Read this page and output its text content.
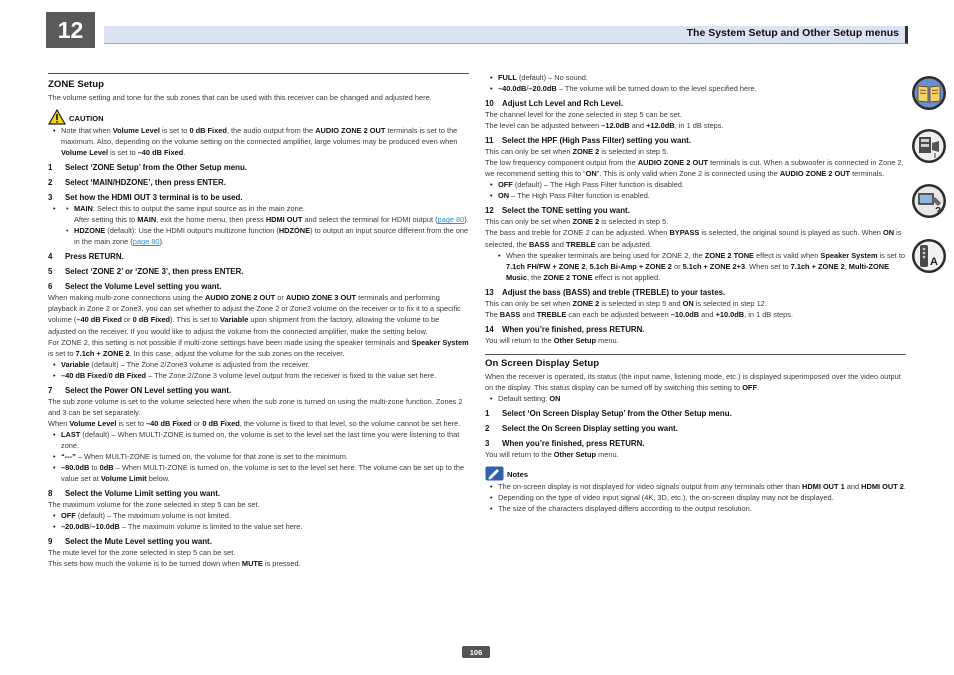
12	The System Setup and Other Setup menus
ZONE Setup

The volume setting and tone for the sub zones that can be used with this receiver can be changed and adjusted here.

CAUTION
• Note that when Volume Level is set to 0 dB Fixed, the audio output from the AUDIO ZONE 2 OUT terminals is set to the maximum. Also, depending on the volume setting on the connected amplifier, large volumes may be produced even when Volume Level is set to –40 dB Fixed.
1 Select ‘ZONE Setup’ from the Other Setup menu.
2 Select ‘MAIN/HDZONE’, then press ENTER.
3 Set how the HDMI OUT 3 terminal is to be used.
• • MAIN: Select this to output the same input source as in the main zone.
After setting this to MAIN, exit the home menu, then press HDMI OUT and select the terminal for HDMI output (page 80).
• HDZONE (default): Use the HDMI output’s multizone function (HDZONE) to output an input source different from the one in the main zone (page 80).
4 Press RETURN.
5 Select ‘ZONE 2’ or ‘ZONE 3’, then press ENTER.
6 Select the Volume Level setting you want.

When making multi-zone connections using the AUDIO ZONE 2 OUT or AUDIO ZONE 3 OUT terminals and performing playback in Zone 2 or Zone3, you can set whether to adjust the Zone 2 or Zone3 volume on the receiver or to fix it to a specific volume (–40 dB Fixed or 0 dB Fixed). This is set to Variable upon shipment from the factory, allowing the volume to be adjusted on the receiver. If you would like to adjust the volume from the connected amplifier, make the setting below.
For ZONE 2, this setting is not possible if multi-zone settings have been made using the speaker terminals and Speaker System is set to 7.1ch + ZONE 2. In this case, adjust the volume for the sub zones on the receiver.

• Variable (default) – The Zone 2/Zone3 volume is adjusted from the receiver.
• –40 dB Fixed/0 dB Fixed – The Zone 2/Zone 3 volume level output from the receiver is fixed to the value set here.
7 Select the Power ON Level setting you want.

The sub zone volume is set to the volume selected here when the sub zone is turned on using the multi-zone function. Zones 2 and 3 can be set separately.
When Volume Level is set to –40 dB Fixed or 0 dB Fixed, the volume is fixed to that level, so the volume cannot be set here.

• LAST (default) – When MULTI-ZONE is turned on, the volume is set to the level set the last time you were listening to that zone.
• “---” – When MULTI-ZONE is turned on, the volume for that zone is set to the minimum.
• –80.0dB to 0dB – When MULTI-ZONE is turned on, the volume is set to the level set here. The volume can be set up to the value set at Volume Limit below.
8 Select the Volume Limit setting you want.

The maximum volume for the zone selected in step 5 can be set.

• OFF (default) – The maximum volume is not limited.
• –20.0dB/–10.0dB – The maximum volume is limited to the value set here.
9 Select the Mute Level setting you want.

The mute level for the zone selected in step 5 can be set.
This sets how much the volume is to be turned down when MUTE is pressed.

• FULL (default) – No sound.
• –40.0dB/–20.0dB – The volume will be turned down to the level specified here.
10 Adjust Lch Level and Rch Level.

The channel level for the zone selected in step 5 can be set.
The level can be adjusted between –12.0dB and +12.0dB, in 1 dB steps.

11 Select the HPF (High Pass Filter) setting you want.

This can only be set when ZONE 2 is selected in step 5.
The low frequency component output from the AUDIO ZONE 2 OUT terminals is cut. When a subwoofer is connected in Zone 2, we recommend setting this to “ON”. This is only valid when Zone 2 is connected using the AUDIO ZONE 2 OUT terminals.

• OFF (default) – The High Pass Filter function is disabled.
• ON – The High Pass Filter function is enabled.
12 Select the TONE setting you want.

This can only be set when ZONE 2 is selected in step 5.
The bass and treble for ZONE 2 can be adjusted. When BYPASS is selected, the original sound is played as such. When ON is selected, the BASS and TREBLE can be adjusted.

• When the speaker terminals are being used for ZONE 2, the ZONE 2 TONE effect is valid when Speaker System is set to 7.1ch FH/FW + ZONE 2, 5.1ch Bi-Amp + ZONE 2 or 5.1ch + ZONE 2+3. When set to 7.1ch + ZONE 2, Multi-ZONE Music, the ZONE 2 TONE effect is not applied.
13 Adjust the bass (BASS) and treble (TREBLE) to your tastes.

This can only be set when ZONE 2 is selected in step 5 and ON is selected in step 12.
The BASS and TREBLE can each be adjusted between –10.0dB and +10.0dB, in 1 dB steps.

14 When you’re finished, press RETURN.

You will return to the Other Setup menu.

On Screen Display Setup

When the receiver is operated, its status (the input name, listening mode, etc.) is displayed superimposed over the video output on the display. This status display can be turned off by switching this setting to OFF.

• Default setting: ON
1 Select ‘On Screen Display Setup’ from the Other Setup menu.
2 Select the On Screen Display setting you want.
3 When you’re finished, press RETURN.

You will return to the Other Setup menu.

Notes
• The on-screen display is not displayed for video signals output from any terminals other than HDMI OUT 1 and HDMI OUT 2.
• Depending on the type of video input signal (4K, 3D, etc.), the on-screen display may not be displayed.
• The size of the characters displayed differs according to the output resolution.
106
?
A
